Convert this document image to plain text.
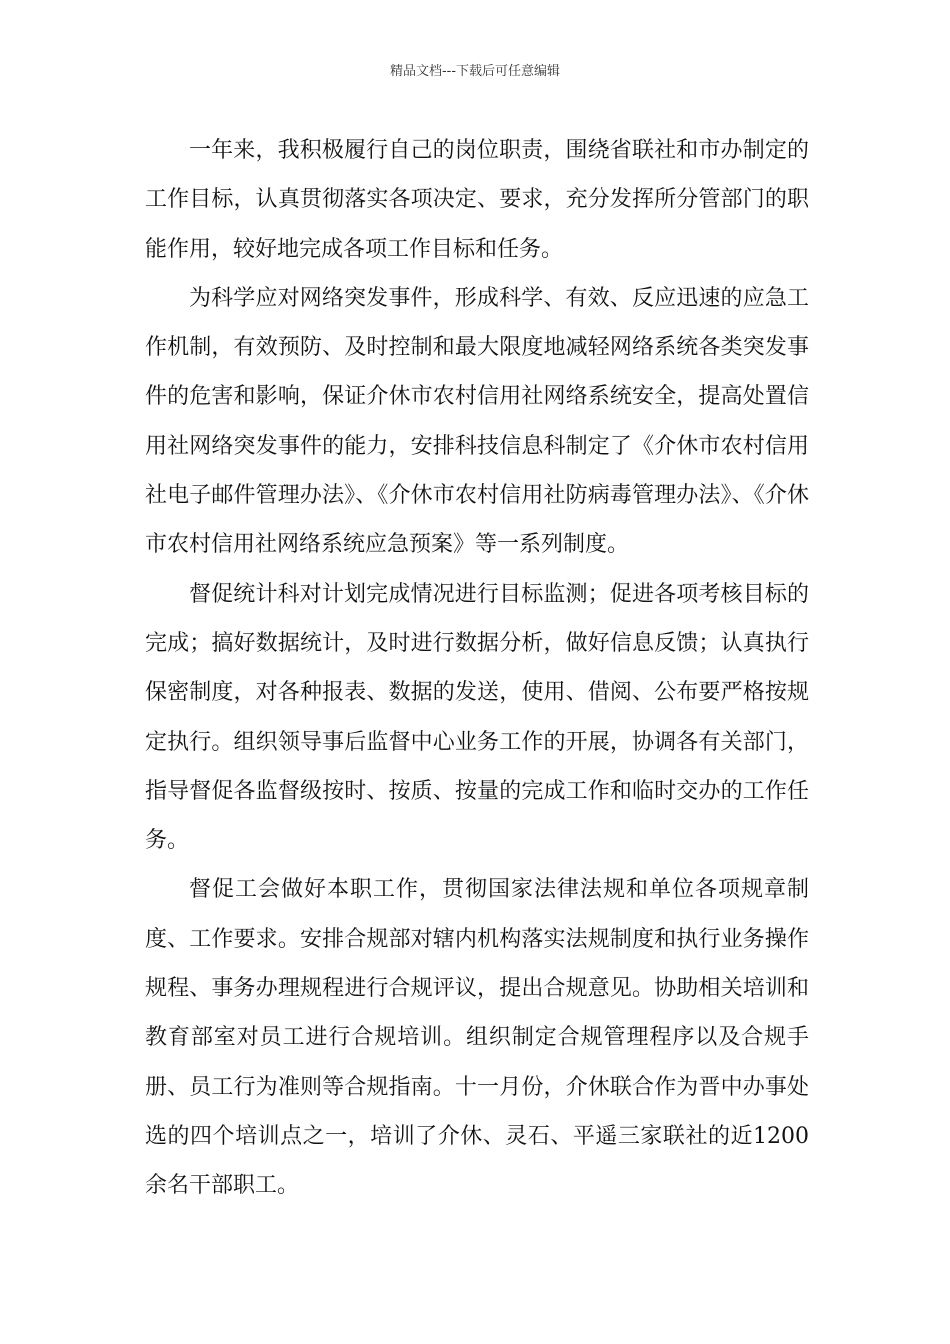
精品文档---下载后可任意编辑

一年来，我积极履行自己的岗位职责，围绕省联社和市办制定的工作目标，认真贯彻落实各项决定、要求，充分发挥所分管部门的职能作用，较好地完成各项工作目标和任务。

为科学应对网络突发事件，形成科学、有效、反应迅速的应急工作机制，有效预防、及时控制和最大限度地减轻网络系统各类突发事件的危害和影响，保证介休市农村信用社网络系统安全，提高处置信用社网络突发事件的能力，安排科技信息科制定了《介休市农村信用社电子邮件管理办法》、《介休市农村信用社防病毒管理办法》、《介休市农村信用社网络系统应急预案》等一系列制度。

督促统计科对计划完成情况进行目标监测；促进各项考核目标的完成；搞好数据统计，及时进行数据分析，做好信息反馈；认真执行保密制度，对各种报表、数据的发送，使用、借阅、公布要严格按规定执行。组织领导事后监督中心业务工作的开展，协调各有关部门，指导督促各监督级按时、按质、按量的完成工作和临时交办的工作任务。

督促工会做好本职工作，贯彻国家法律法规和单位各项规章制度、工作要求。安排合规部对辖内机构落实法规制度和执行业务操作规程、事务办理规程进行合规评议，提出合规意见。协助相关培训和教育部室对员工进行合规培训。组织制定合规管理程序以及合规手册、员工行为准则等合规指南。十一月份，介休联合作为晋中办事处选的四个培训点之一，培训了介休、灵石、平遥三家联社的近1200余名干部职工。
